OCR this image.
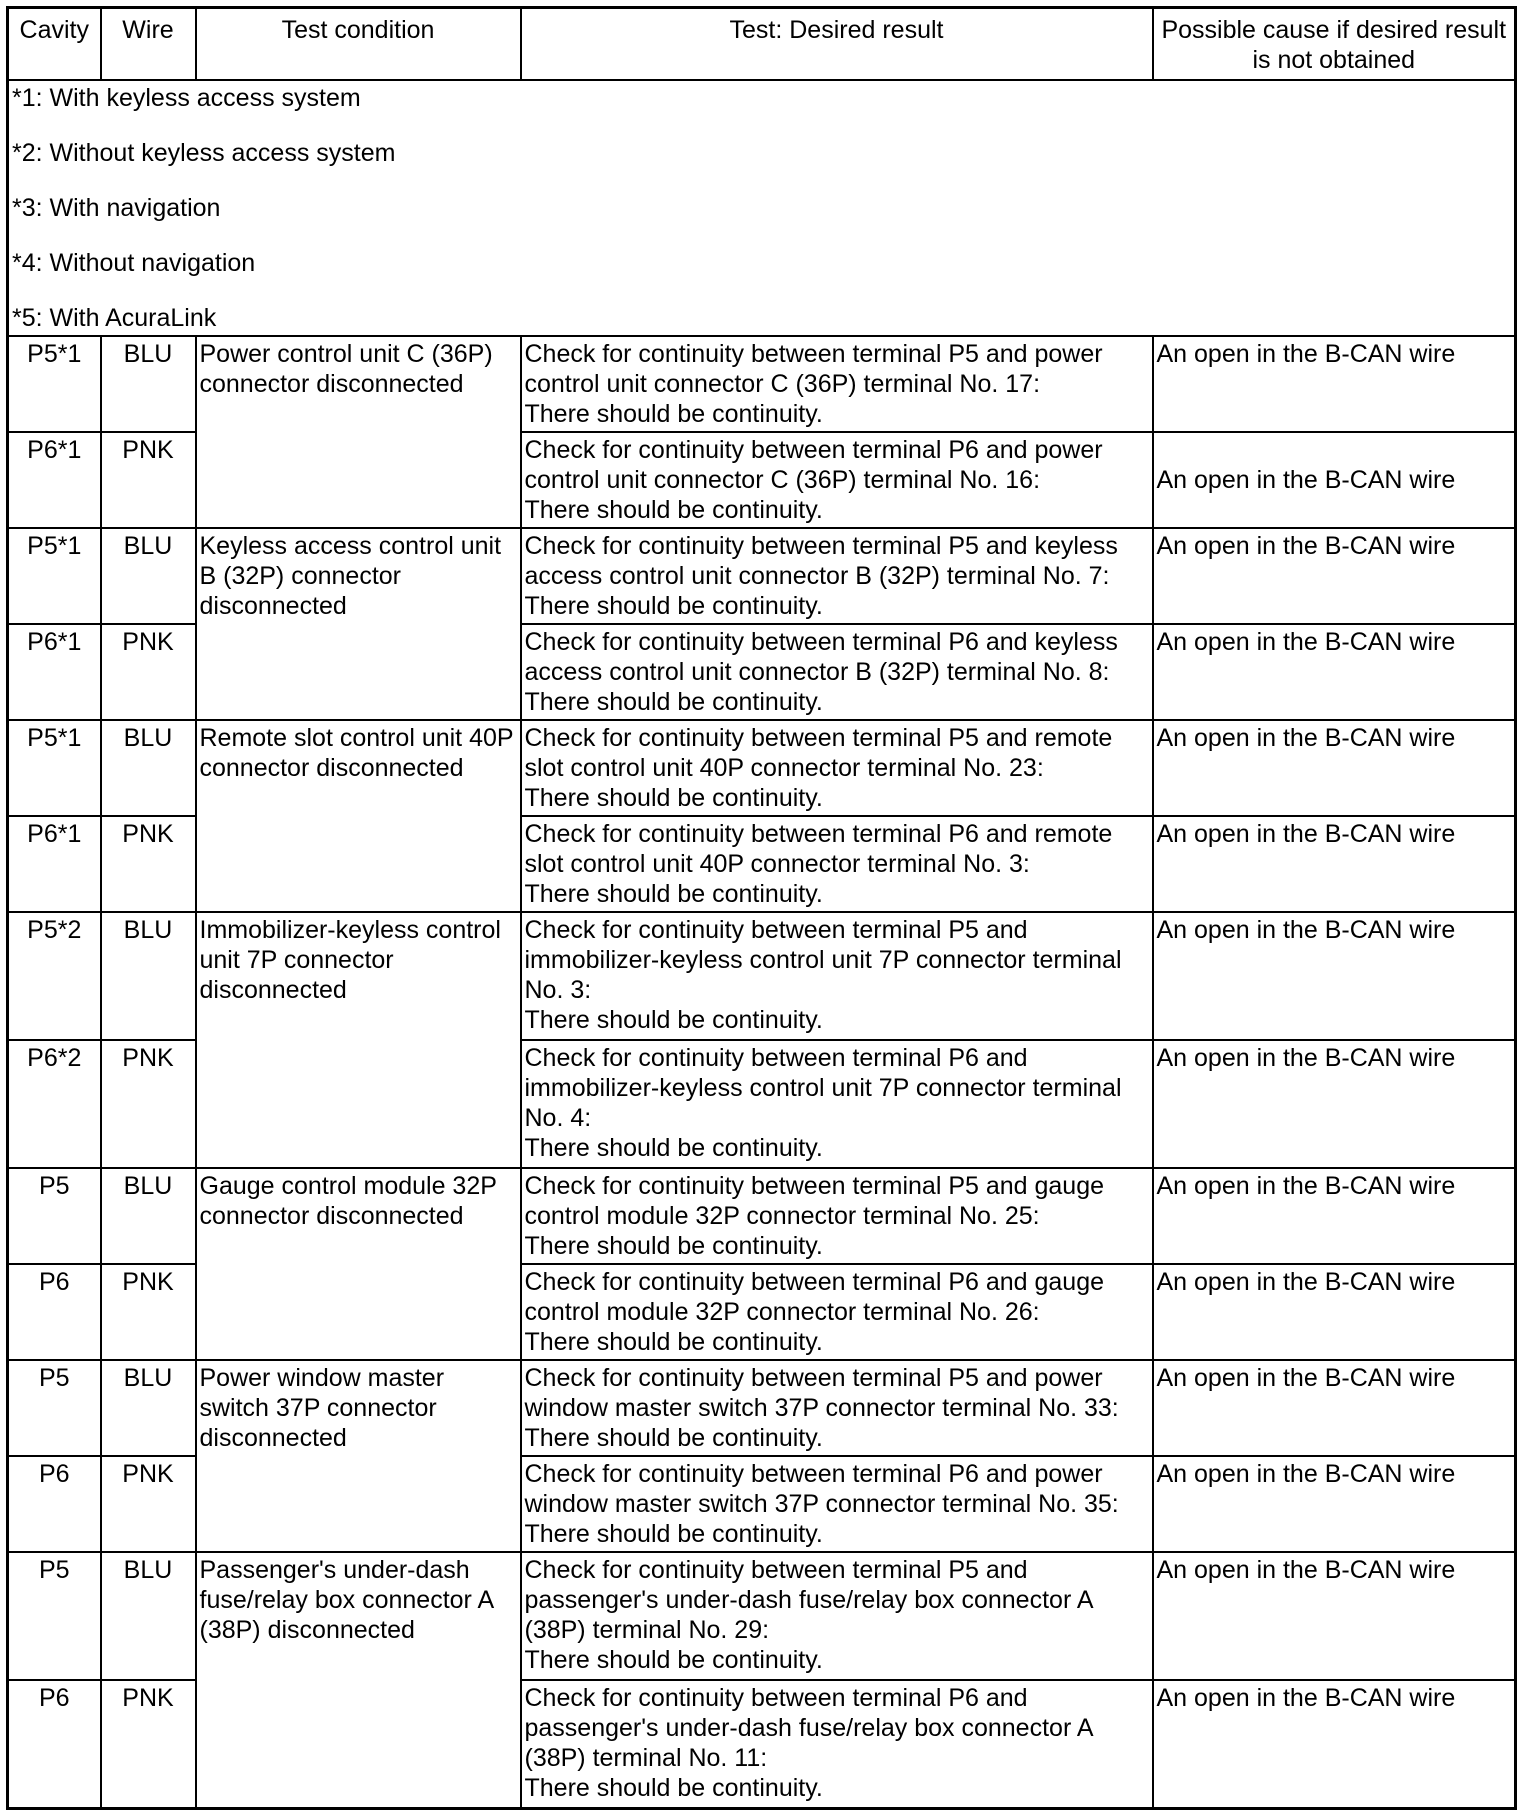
Cavity	Wire	Test condition	Test: Desired result	Possible cause if desired result is not obtained

*1: With keyless access system

*2: Without keyless access system

*3: With navigation

*4: Without navigation

*5: With AcuraLink				

P5*1	BLU	Power control unit C (36P) connector disconnected	Check for continuity between terminal P5 and power
control unit connector C (36P) terminal No. 17:
There should be continuity.	An open in the B-CAN wire
P6*1	PNK		Check for continuity between terminal P6 and power
control unit connector C (36P) terminal No. 16:
There should be continuity.	An open in the B-CAN wire
P5*1	BLU	Keyless access control unit B (32P) connector disconnected	Check for continuity between terminal P5 and keyless
access control unit connector B (32P) terminal No. 7:
There should be continuity.	An open in the B-CAN wire
P6*1	PNK		Check for continuity between terminal P6 and keyless
access control unit connector B (32P) terminal No. 8:
There should be continuity.	An open in the B-CAN wire
P5*1	BLU	Remote slot control unit 40P connector disconnected	Check for continuity between terminal P5 and remote
slot control unit 40P connector terminal No. 23:
There should be continuity.	An open in the B-CAN wire
P6*1	PNK		Check for continuity between terminal P6 and remote
slot control unit 40P connector terminal No. 3:
There should be continuity.	An open in the B-CAN wire
P5*2	BLU	Immobilizer-keyless control unit 7P connector disconnected	Check for continuity between terminal P5 and
immobilizer-keyless control unit 7P connector terminal
No. 3:
There should be continuity.	An open in the B-CAN wire
P6*2	PNK		Check for continuity between terminal P6 and
immobilizer-keyless control unit 7P connector terminal
No. 4:
There should be continuity.	An open in the B-CAN wire
P5	BLU	Gauge control module 32P connector disconnected	Check for continuity between terminal P5 and gauge
control module 32P connector terminal No. 25:
There should be continuity.	An open in the B-CAN wire
P6	PNK		Check for continuity between terminal P6 and gauge
control module 32P connector terminal No. 26:
There should be continuity.	An open in the B-CAN wire
P5	BLU	Power window master switch 37P connector disconnected	Check for continuity between terminal P5 and power
window master switch 37P connector terminal No. 33:
There should be continuity.	An open in the B-CAN wire
P6	PNK		Check for continuity between terminal P6 and power
window master switch 37P connector terminal No. 35:
There should be continuity.	An open in the B-CAN wire
P5	BLU	Passenger's under-dash fuse/relay box connector A (38P) disconnected	Check for continuity between terminal P5 and
passenger's under-dash fuse/relay box connector A
(38P) terminal No. 29:
There should be continuity.	An open in the B-CAN wire
P6	PNK		Check for continuity between terminal P6 and
passenger's under-dash fuse/relay box connector A
(38P) terminal No. 11:
There should be continuity.	An open in the B-CAN wire
